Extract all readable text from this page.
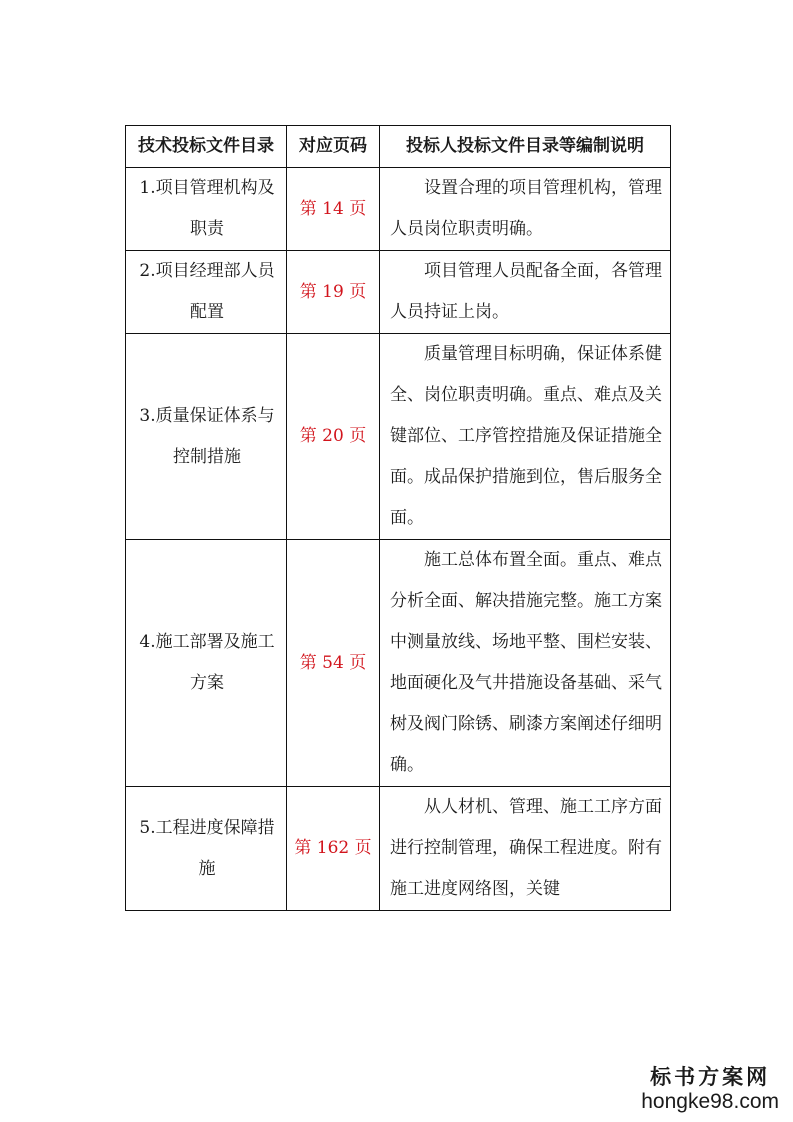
技术投标文件目录	对应页码	投标人投标文件目录等编制说明

1.项目管理机构及职责	第 14 页	设置合理的项目管理机构，管理人员岗位职责明确。

2.项目经理部人员配置	第 19 页	项目管理人员配备全面，各管理人员持证上岗。

3.质量保证体系与控制措施	第 20 页	质量管理目标明确，保证体系健全、岗位职责明确。重点、难点及关键部位、工序管控措施及保证措施全面。成品保护措施到位，售后服务全面。

4.施工部署及施工方案	第 54 页	施工总体布置全面。重点、难点分析全面、解决措施完整。施工方案中测量放线、场地平整、围栏安装、地面硬化及气井措施设备基础、采气树及阀门除锈、刷漆方案阐述仔细明确。

5.工程进度保障措施	第 162 页	从人材机、管理、施工工序方面进行控制管理，确保工程进度。附有施工进度网络图，关键
标书方案网
hongke98.com
